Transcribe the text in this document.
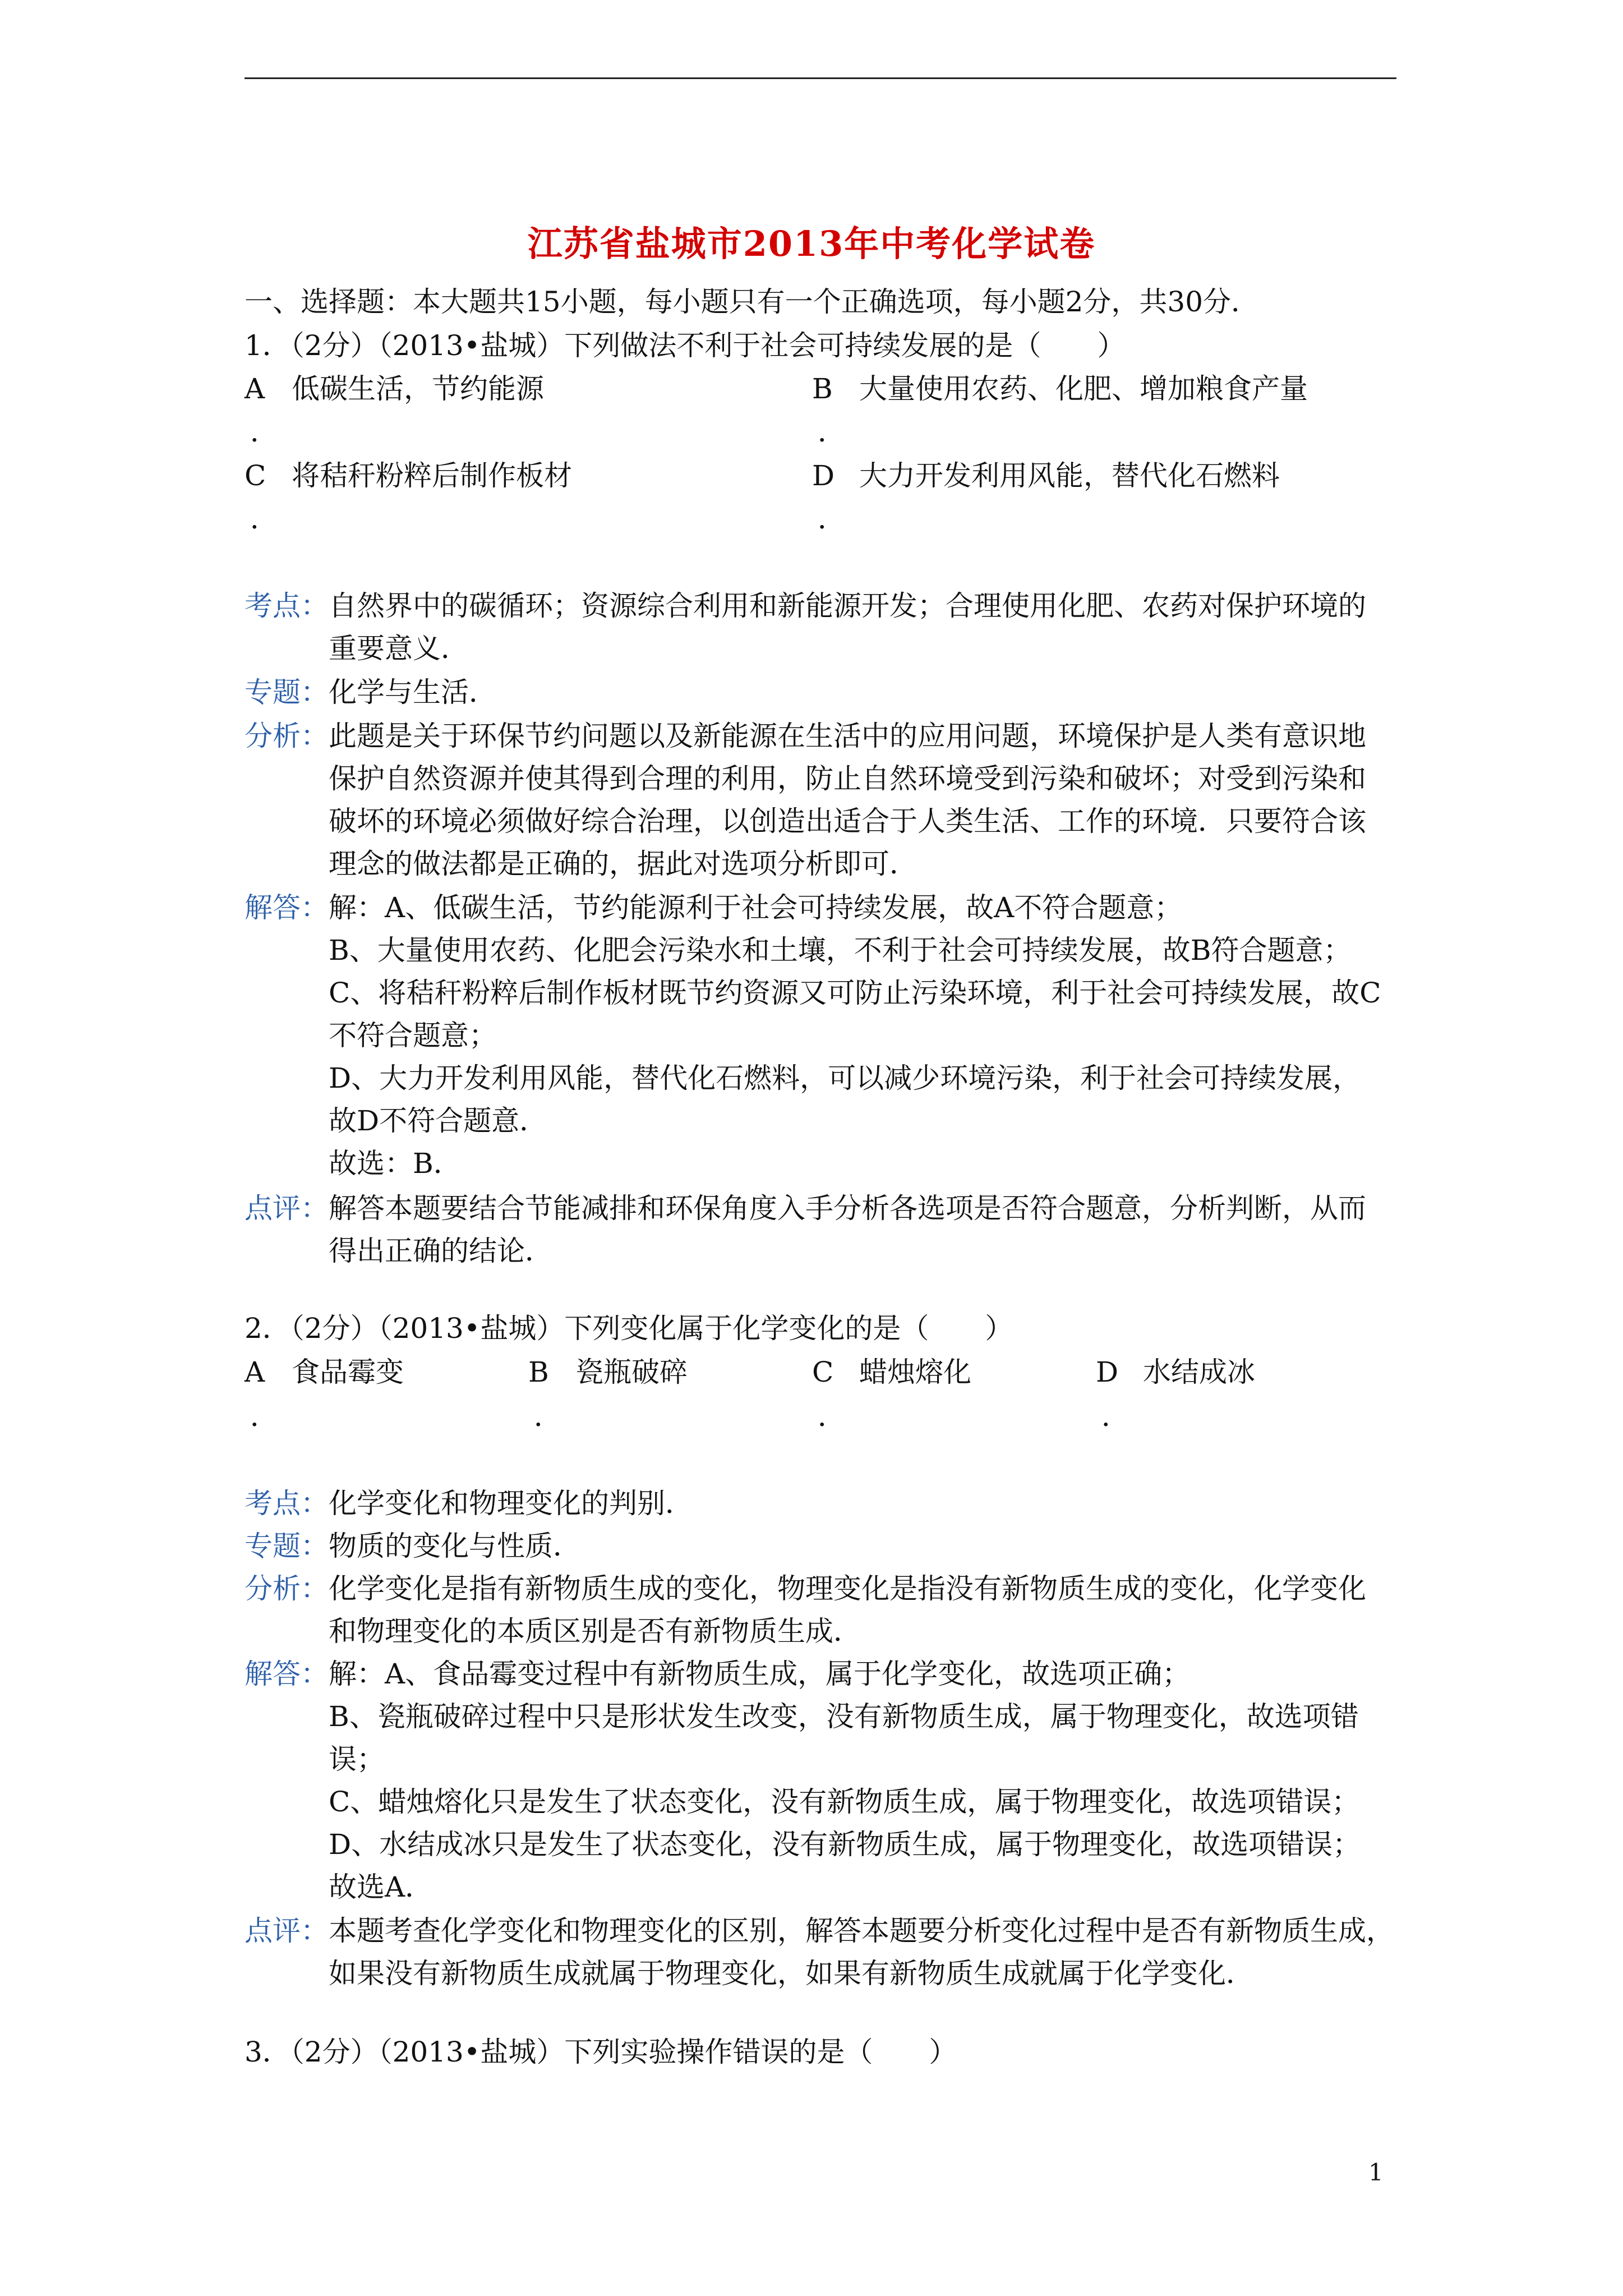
江苏省盐城市2013年中考化学试卷
一、选择题：本大题共15小题，每小题只有一个正确选项，每小题2分，共30分．
1．（2分）（2013•盐城）下列做法不利于社会可持续发展的是（　　）
A 低碳生活，节约能源	B 大量使用农药、化肥、增加粮食产量
．	．
C 将秸秆粉粹后制作板材	D 大力开发利用风能，替代化石燃料
．	．
考点： 自然界中的碳循环；资源综合利用和新能源开发；合理使用化肥、农药对保护环境的
重要意义．
专题： 化学与生活．
分析： 此题是关于环保节约问题以及新能源在生活中的应用问题，环境保护是人类有意识地
保护自然资源并使其得到合理的利用，防止自然环境受到污染和破坏；对受到污染和
破坏的环境必须做好综合治理，以创造出适合于人类生活、工作的环境．只要符合该
理念的做法都是正确的，据此对选项分析即可．
解答： 解：A、低碳生活，节约能源利于社会可持续发展，故A不符合题意；
B、大量使用农药、化肥会污染水和土壤，不利于社会可持续发展，故B符合题意；
C、将秸秆粉粹后制作板材既节约资源又可防止污染环境，利于社会可持续发展，故C
不符合题意；
D、大力开发利用风能，替代化石燃料，可以减少环境污染，利于社会可持续发展，
故D不符合题意．
故选：B．
点评： 解答本题要结合节能减排和环保角度入手分析各选项是否符合题意，分析判断，从而
得出正确的结论．
2．（2分）（2013•盐城）下列变化属于化学变化的是（　　）
A 食品霉变	B 瓷瓶破碎	C 蜡烛熔化	D 水结成冰
．	．	．	．
考点： 化学变化和物理变化的判别．
专题： 物质的变化与性质．
分析： 化学变化是指有新物质生成的变化，物理变化是指没有新物质生成的变化，化学变化
和物理变化的本质区别是否有新物质生成．
解答： 解：A、食品霉变过程中有新物质生成，属于化学变化，故选项正确；
B、瓷瓶破碎过程中只是形状发生改变，没有新物质生成，属于物理变化，故选项错
误；
C、蜡烛熔化只是发生了状态变化，没有新物质生成，属于物理变化，故选项错误；
D、水结成冰只是发生了状态变化，没有新物质生成，属于物理变化，故选项错误；
故选A．
点评： 本题考查化学变化和物理变化的区别，解答本题要分析变化过程中是否有新物质生成，
如果没有新物质生成就属于物理变化，如果有新物质生成就属于化学变化．
3．（2分）（2013•盐城）下列实验操作错误的是（　　）
1
